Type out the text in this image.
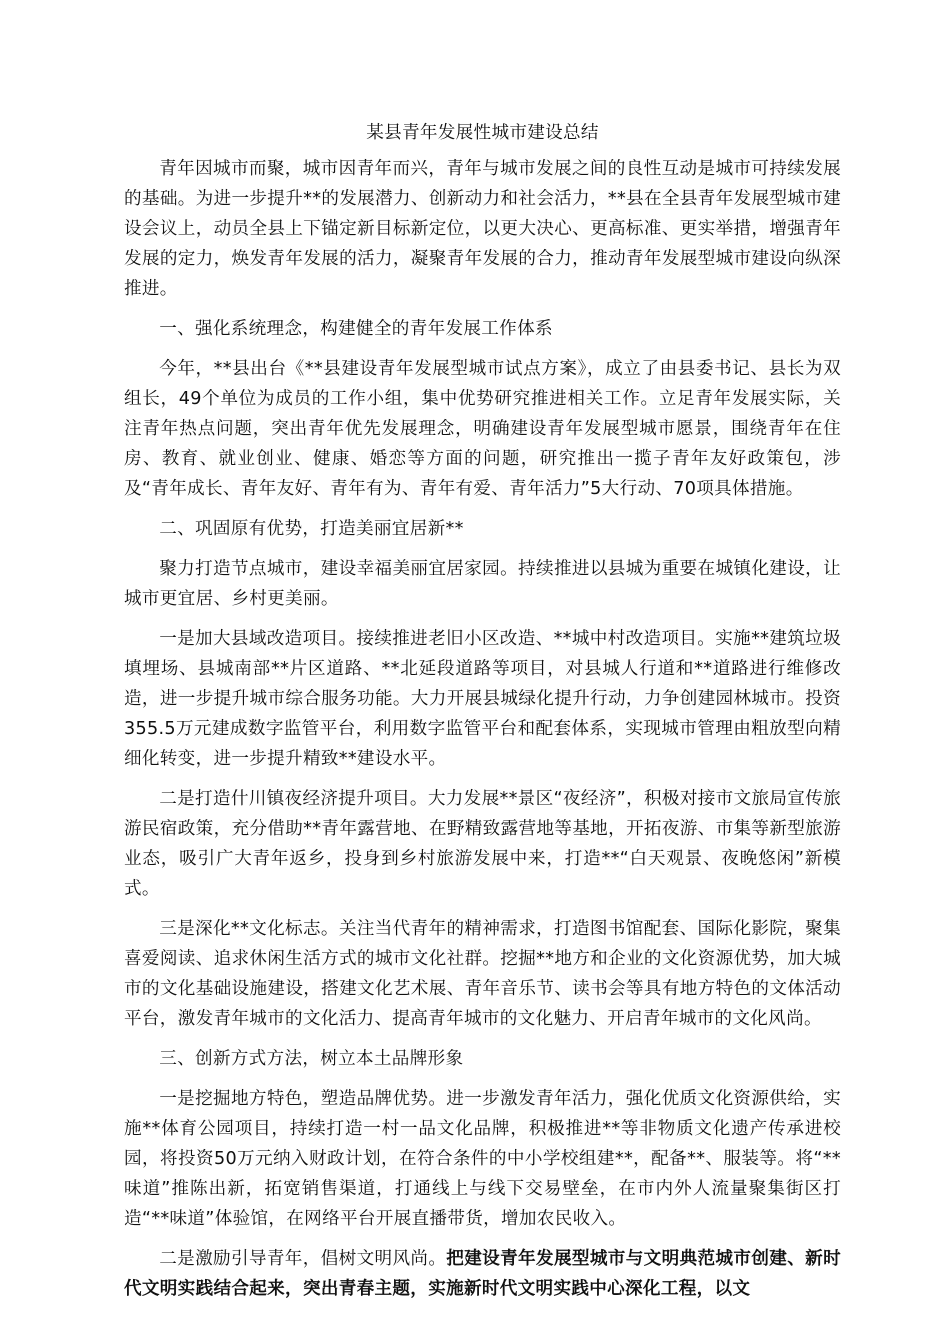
某县青年发展性城市建设总结

青年因城市而聚，城市因青年而兴，青年与城市发展之间的良性互动是城市可持续发展的基础。为进一步提升**的发展潜力、创新动力和社会活力，**县在全县青年发展型城市建设会议上，动员全县上下锚定新目标新定位，以更大决心、更高标准、更实举措，增强青年发展的定力，焕发青年发展的活力，凝聚青年发展的合力，推动青年发展型城市建设向纵深推进。

一、强化系统理念，构建健全的青年发展工作体系

今年，**县出台《**县建设青年发展型城市试点方案》，成立了由县委书记、县长为双组长，49个单位为成员的工作小组，集中优势研究推进相关工作。立足青年发展实际，关注青年热点问题，突出青年优先发展理念，明确建设青年发展型城市愿景，围绕青年在住房、教育、就业创业、健康、婚恋等方面的问题，研究推出一揽子青年友好政策包，涉及“青年成长、青年友好、青年有为、青年有爱、青年活力”5大行动、70项具体措施。

二、巩固原有优势，打造美丽宜居新**

聚力打造节点城市，建设幸福美丽宜居家园。持续推进以县城为重要在城镇化建设，让城市更宜居、乡村更美丽。

一是加大县域改造项目。接续推进老旧小区改造、**城中村改造项目。实施**建筑垃圾填埋场、县城南部**片区道路、**北延段道路等项目，对县城人行道和**道路进行维修改造，进一步提升城市综合服务功能。大力开展县城绿化提升行动，力争创建园林城市。投资355.5万元建成数字监管平台，利用数字监管平台和配套体系，实现城市管理由粗放型向精细化转变，进一步提升精致**建设水平。

二是打造什川镇夜经济提升项目。大力发展**景区“夜经济”，积极对接市文旅局宣传旅游民宿政策，充分借助**青年露营地、在野精致露营地等基地，开拓夜游、市集等新型旅游业态，吸引广大青年返乡，投身到乡村旅游发展中来，打造**“白天观景、夜晚悠闲”新模式。

三是深化**文化标志。关注当代青年的精神需求，打造图书馆配套、国际化影院，聚集喜爱阅读、追求休闲生活方式的城市文化社群。挖掘**地方和企业的文化资源优势，加大城市的文化基础设施建设，搭建文化艺术展、青年音乐节、读书会等具有地方特色的文体活动平台，激发青年城市的文化活力、提高青年城市的文化魅力、开启青年城市的文化风尚。

三、创新方式方法，树立本土品牌形象

一是挖掘地方特色，塑造品牌优势。进一步激发青年活力，强化优质文化资源供给，实施**体育公园项目，持续打造一村一品文化品牌，积极推进**等非物质文化遗产传承进校园，将投资50万元纳入财政计划，在符合条件的中小学校组建**，配备**、服装等。将“**味道”推陈出新，拓宽销售渠道，打通线上与线下交易壁垒，在市内外人流量聚集街区打造“**味道”体验馆，在网络平台开展直播带货，增加农民收入。

二是激励引导青年，倡树文明风尚。把建设青年发展型城市与文明典范城市创建、新时代文明实践结合起来，突出青春主题，实施新时代文明实践中心深化工程，以文
